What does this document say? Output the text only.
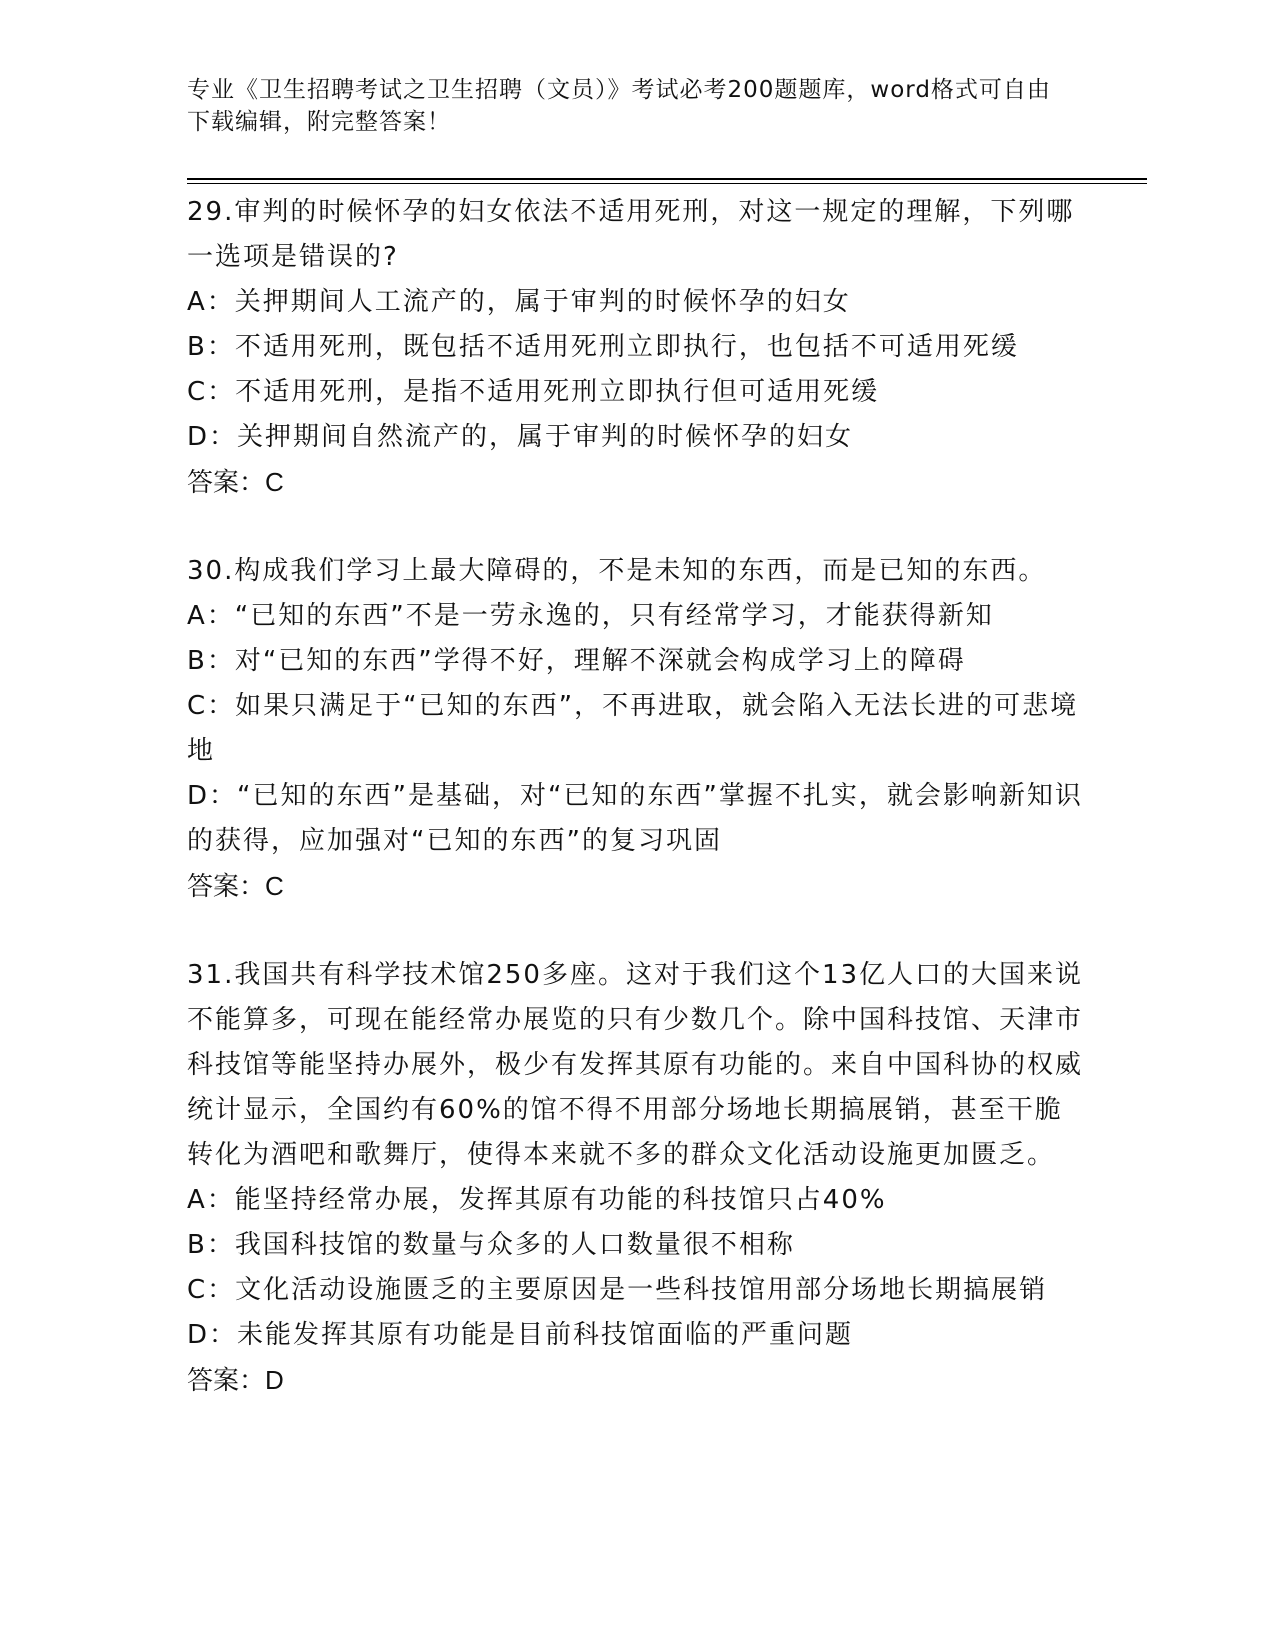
专业《卫生招聘考试之卫生招聘（文员）》考试必考200题题库，word格式可自由下载编辑，附完整答案！

29.审判的时候怀孕的妇女依法不适用死刑，对这一规定的理解，下列哪一选项是错误的?

A：关押期间人工流产的，属于审判的时候怀孕的妇女

B：不适用死刑，既包括不适用死刑立即执行，也包括不可适用死缓

C：不适用死刑，是指不适用死刑立即执行但可适用死缓

D：关押期间自然流产的，属于审判的时候怀孕的妇女

答案：C

30.构成我们学习上最大障碍的，不是未知的东西，而是已知的东西。

A：“已知的东西”不是一劳永逸的，只有经常学习，才能获得新知

B：对“已知的东西”学得不好，理解不深就会构成学习上的障碍

C：如果只满足于“已知的东西”，不再进取，就会陷入无法长进的可悲境地

D：“已知的东西”是基础，对“已知的东西”掌握不扎实，就会影响新知识的获得，应加强对“已知的东西”的复习巩固

答案：C

31.我国共有科学技术馆250多座。这对于我们这个13亿人口的大国来说不能算多，可现在能经常办展览的只有少数几个。除中国科技馆、天津市科技馆等能坚持办展外，极少有发挥其原有功能的。来自中国科协的权威统计显示，全国约有60%的馆不得不用部分场地长期搞展销，甚至干脆转化为酒吧和歌舞厅，使得本来就不多的群众文化活动设施更加匮乏。

A：能坚持经常办展，发挥其原有功能的科技馆只占40%

B：我国科技馆的数量与众多的人口数量很不相称

C：文化活动设施匮乏的主要原因是一些科技馆用部分场地长期搞展销

D：未能发挥其原有功能是目前科技馆面临的严重问题

答案：D
